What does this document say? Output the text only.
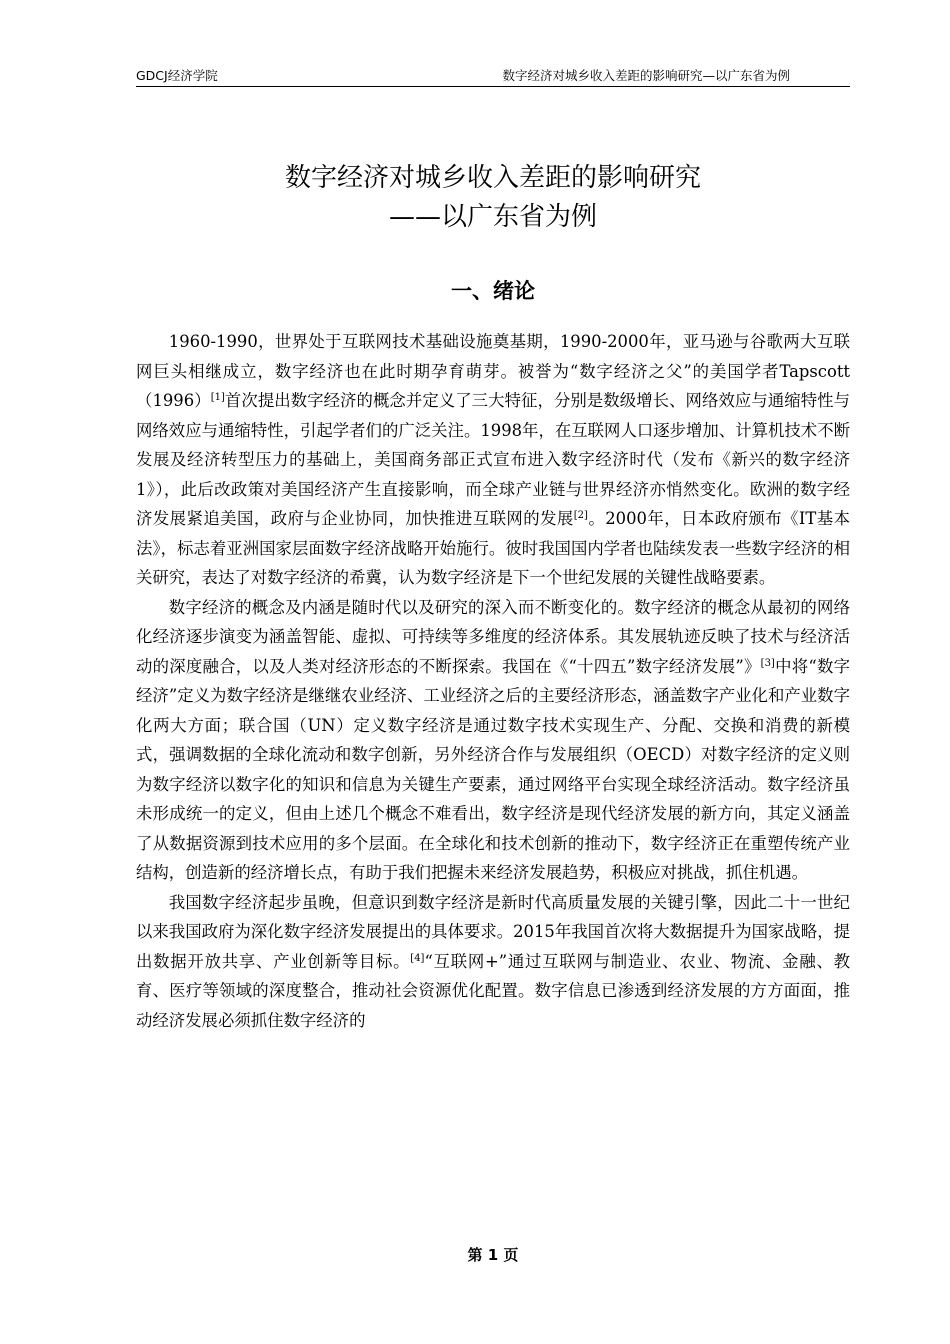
GDCJ经济学院	数字经济对城乡收入差距的影响研究—以广东省为例
数字经济对城乡收入差距的影响研究
——以广东省为例
一、绪论

1960-1990，世界处于互联网技术基础设施奠基期，1990-2000年，亚马逊与谷歌两大互联网巨头相继成立，数字经济也在此时期孕育萌芽。被誉为“数字经济之父”的美国学者Tapscott（1996）[1]首次提出数字经济的概念并定义了三大特征，分别是数级增长、网络效应与通缩特性与网络效应与通缩特性，引起学者们的广泛关注。1998年，在互联网人口逐步增加、计算机技术不断发展及经济转型压力的基础上，美国商务部正式宣布进入数字经济时代（发布《新兴的数字经济1》），此后改政策对美国经济产生直接影响，而全球产业链与世界经济亦悄然变化。欧洲的数字经济发展紧追美国，政府与企业协同，加快推进互联网的发展[2]。2000年，日本政府颁布《IT基本法》，标志着亚洲国家层面数字经济战略开始施行。彼时我国国内学者也陆续发表一些数字经济的相关研究，表达了对数字经济的希冀，认为数字经济是下一个世纪发展的关键性战略要素。

数字经济的概念及内涵是随时代以及研究的深入而不断变化的。数字经济的概念从最初的网络化经济逐步演变为涵盖智能、虚拟、可持续等多维度的经济体系。其发展轨迹反映了技术与经济活动的深度融合，以及人类对经济形态的不断探索。我国在《“十四五”数字经济发展”》[3]中将“数字经济”定义为数字经济是继继农业经济、工业经济之后的主要经济形态，涵盖数字产业化和产业数字化两大方面；联合国（UN）定义数字经济是通过数字技术实现生产、分配、交换和消费的新模式，强调数据的全球化流动和数字创新，另外经济合作与发展组织（OECD）对数字经济的定义则为数字经济以数字化的知识和信息为关键生产要素，通过网络平台实现全球经济活动。数字经济虽未形成统一的定义，但由上述几个概念不难看出，数字经济是现代经济发展的新方向，其定义涵盖了从数据资源到技术应用的多个层面。在全球化和技术创新的推动下，数字经济正在重塑传统产业结构，创造新的经济增长点，有助于我们把握未来经济发展趋势，积极应对挑战，抓住机遇。

我国数字经济起步虽晚，但意识到数字经济是新时代高质量发展的关键引擎，因此二十一世纪以来我国政府为深化数字经济发展提出的具体要求。2015年我国首次将大数据提升为国家战略，提出数据开放共享、产业创新等目标。[4]“互联网+”通过互联网与制造业、农业、物流、金融、教育、医疗等领域的深度整合，推动社会资源优化配置。数字信息已渗透到经济发展的方方面面，推动经济发展必须抓住数字经济的

第 1 页
